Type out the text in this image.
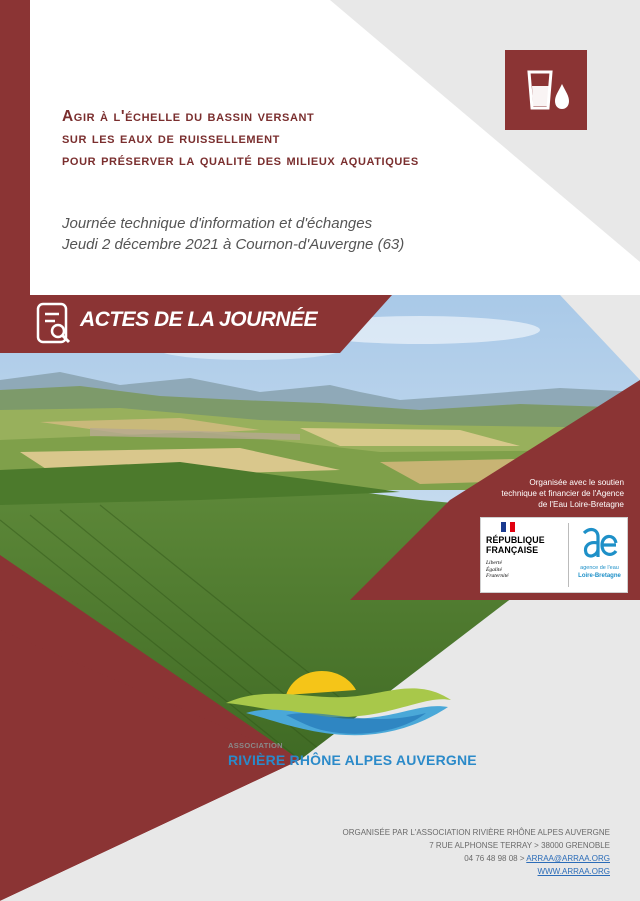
Agir à l'échelle du bassin versant
sur les eaux de ruissellement
pour préserver la qualité des milieux aquatiques
Journée technique d'information et d'échanges
Jeudi 2 décembre 2021 à Cournon-d'Auvergne (63)
ACTES DE LA JOURNÉE
Organisée avec le soutien
technique et financier de l'Agence
de l'Eau Loire-Bretagne
RÉPUBLIQUE
FRANÇAISE
Liberté
Égalité
Fraternité
agence de l'eau
Loire-Bretagne
ASSOCIATION
RIVIÈRE RHÔNE ALPES AUVERGNE
ORGANISÉE PAR L'ASSOCIATION RIVIÈRE RHÔNE ALPES AUVERGNE
7 RUE ALPHONSE TERRAY > 38000 GRENOBLE
04 76 48 98 08 > ARRAA@ARRAA.ORG
WWW.ARRAA.ORG
